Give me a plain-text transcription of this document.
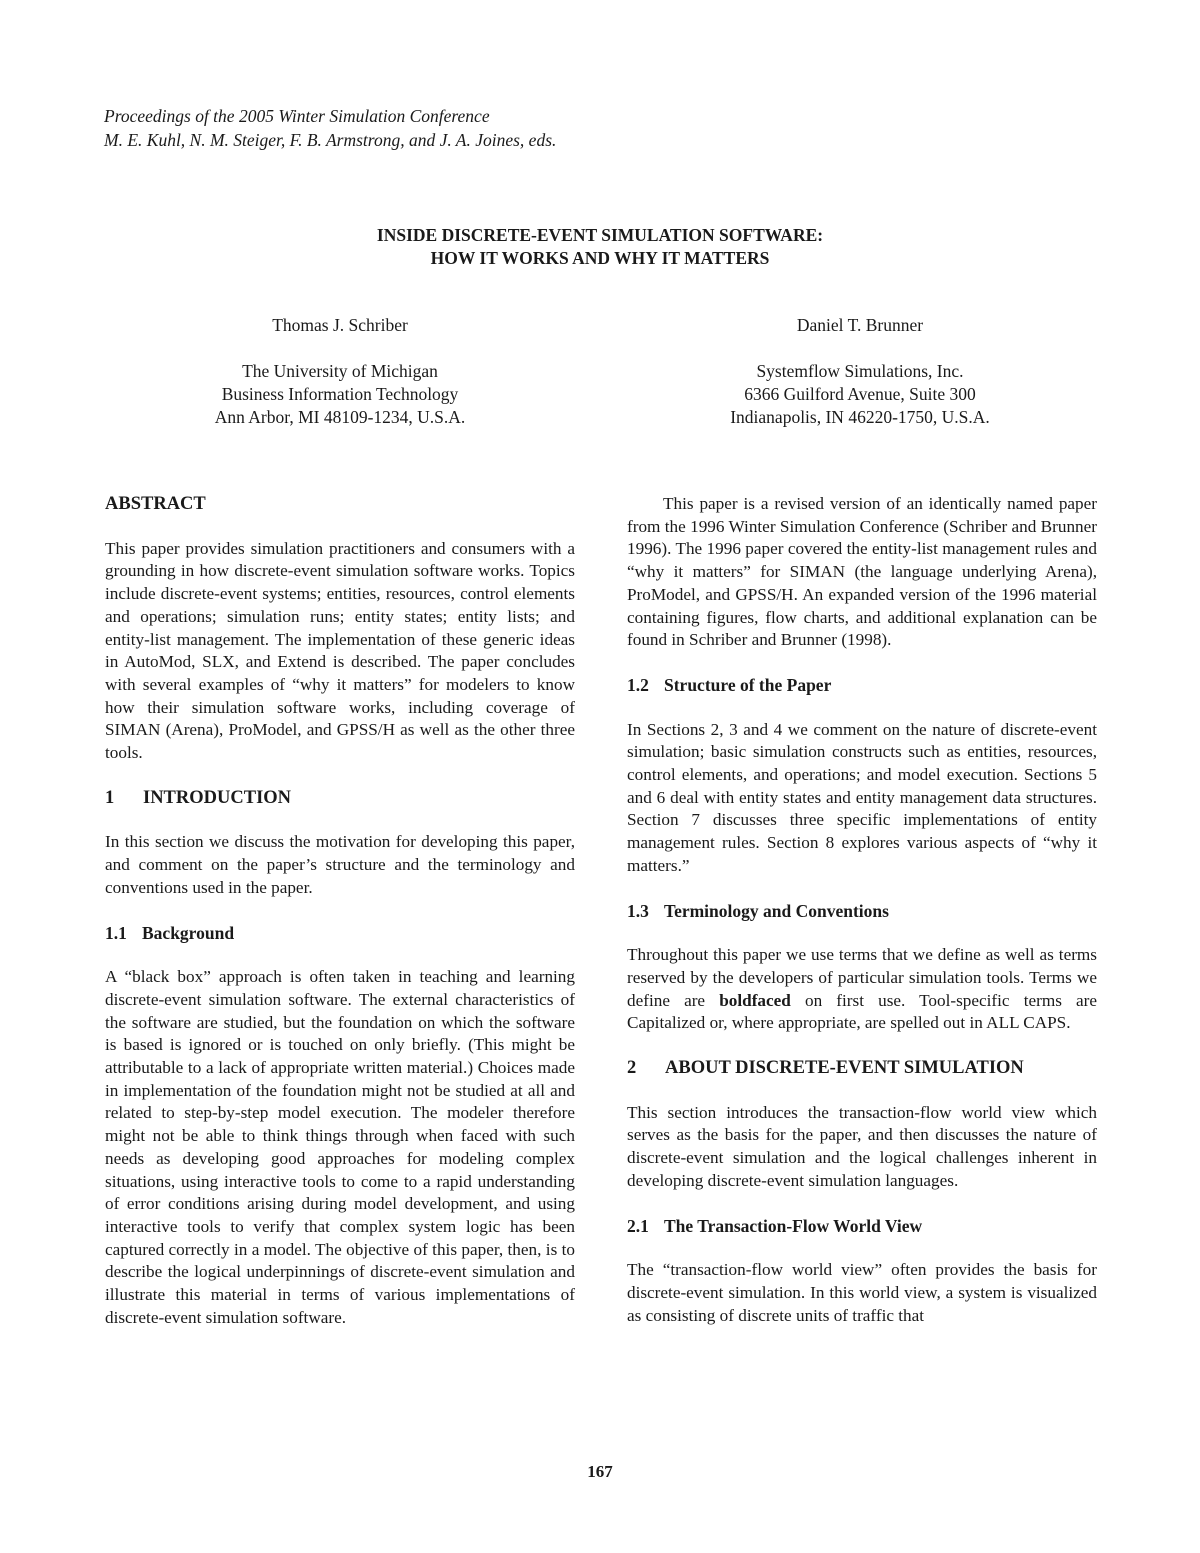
Proceedings of the 2005 Winter Simulation Conference
M. E. Kuhl, N. M. Steiger, F. B. Armstrong, and J. A. Joines, eds.
INSIDE DISCRETE-EVENT SIMULATION SOFTWARE:
HOW IT WORKS AND WHY IT MATTERS
Thomas J. Schriber
The University of Michigan
Business Information Technology
Ann Arbor, MI 48109-1234, U.S.A.
Daniel T. Brunner
Systemflow Simulations, Inc.
6366 Guilford Avenue, Suite 300
Indianapolis, IN 46220-1750, U.S.A.
ABSTRACT

This paper provides simulation practitioners and consumers with a grounding in how discrete-event simulation software works. Topics include discrete-event systems; entities, resources, control elements and operations; simulation runs; entity states; entity lists; and entity-list management. The implementation of these generic ideas in AutoMod, SLX, and Extend is described. The paper concludes with several examples of “why it matters” for modelers to know how their simulation software works, including coverage of SIMAN (Arena), ProModel, and GPSS/H as well as the other three tools.

1 INTRODUCTION

In this section we discuss the motivation for developing this paper, and comment on the paper’s structure and the terminology and conventions used in the paper.

1.1 Background

A “black box” approach is often taken in teaching and learning discrete-event simulation software. The external characteristics of the software are studied, but the foundation on which the software is based is ignored or is touched on only briefly. (This might be attributable to a lack of appropriate written material.) Choices made in implementation of the foundation might not be studied at all and related to step-by-step model execution. The modeler therefore might not be able to think things through when faced with such needs as developing good approaches for modeling complex situations, using interactive tools to come to a rapid understanding of error conditions arising during model development, and using interactive tools to verify that complex system logic has been captured correctly in a model. The objective of this paper, then, is to describe the logical underpinnings of discrete-event simulation and illustrate this material in terms of various implementations of discrete-event simulation software.

This paper is a revised version of an identically named paper from the 1996 Winter Simulation Conference (Schriber and Brunner 1996). The 1996 paper covered the entity-list management rules and “why it matters” for SIMAN (the language underlying Arena), ProModel, and GPSS/H. An expanded version of the 1996 material containing figures, flow charts, and additional explanation can be found in Schriber and Brunner (1998).

1.2 Structure of the Paper

In Sections 2, 3 and 4 we comment on the nature of discrete-event simulation; basic simulation constructs such as entities, resources, control elements, and operations; and model execution. Sections 5 and 6 deal with entity states and entity management data structures. Section 7 discusses three specific implementations of entity management rules. Section 8 explores various aspects of “why it matters.”

1.3 Terminology and Conventions

Throughout this paper we use terms that we define as well as terms reserved by the developers of particular simulation tools. Terms we define are boldfaced on first use. Tool-specific terms are Capitalized or, where appropriate, are spelled out in ALL CAPS.

2 ABOUT DISCRETE-EVENT SIMULATION

This section introduces the transaction-flow world view which serves as the basis for the paper, and then discusses the nature of discrete-event simulation and the logical challenges inherent in developing discrete-event simulation languages.

2.1 The Transaction-Flow World View

The “transaction-flow world view” often provides the basis for discrete-event simulation. In this world view, a system is visualized as consisting of discrete units of traffic that

167
